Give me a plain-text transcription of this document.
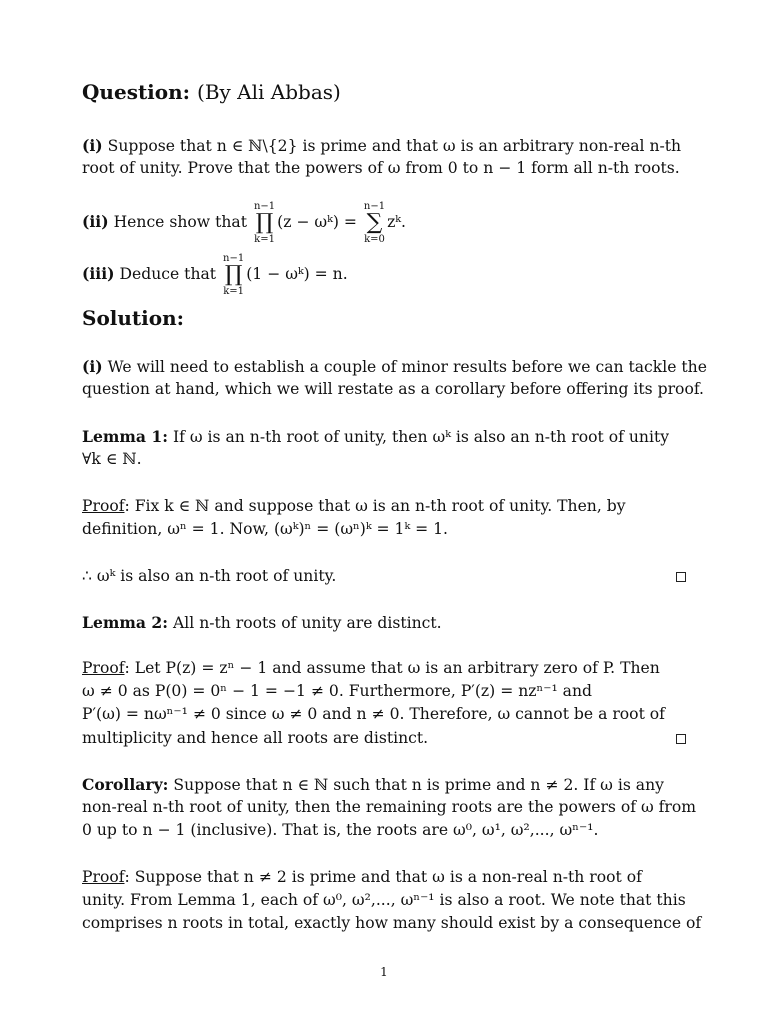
Question: (By Ali Abbas)
(i) Suppose that n ∈ ℕ\{2} is prime and that ω is an arbitrary non-real n-th
root of unity. Prove that the powers of ω from 0 to n − 1 form all n-th roots.
(ii) Hence show that
n−1
∏
k=1
(z − ωᵏ) =
n−1
∑
k=0
zᵏ.
(iii) Deduce that
n−1
∏
k=1
(1 − ωᵏ) = n.
Solution:
(i) We will need to establish a couple of minor results before we can tackle the
question at hand, which we will restate as a corollary before offering its proof.
Lemma 1: If ω is an n-th root of unity, then ωᵏ is also an n-th root of unity
∀k ∈ ℕ.
Proof: Fix k ∈ ℕ and suppose that ω is an n-th root of unity. Then, by
definition, ωⁿ = 1. Now, (ωᵏ)ⁿ = (ωⁿ)ᵏ = 1ᵏ = 1.
∴ ωᵏ is also an n-th root of unity.
Lemma 2: All n-th roots of unity are distinct.
Proof: Let P(z) = zⁿ − 1 and assume that ω is an arbitrary zero of P. Then
ω ≠ 0 as P(0) = 0ⁿ − 1 = −1 ≠ 0. Furthermore, P′(z) = nzⁿ⁻¹ and
P′(ω) = nωⁿ⁻¹ ≠ 0 since ω ≠ 0 and n ≠ 0. Therefore, ω cannot be a root of
multiplicity and hence all roots are distinct.
Corollary: Suppose that n ∈ ℕ such that n is prime and n ≠ 2. If ω is any
non-real n-th root of unity, then the remaining roots are the powers of ω from
0 up to n − 1 (inclusive). That is, the roots are ω⁰, ω¹, ω²,..., ωⁿ⁻¹.
Proof: Suppose that n ≠ 2 is prime and that ω is a non-real n-th root of
unity. From Lemma 1, each of ω⁰, ω²,..., ωⁿ⁻¹ is also a root. We note that this
comprises n roots in total, exactly how many should exist by a consequence of
1
